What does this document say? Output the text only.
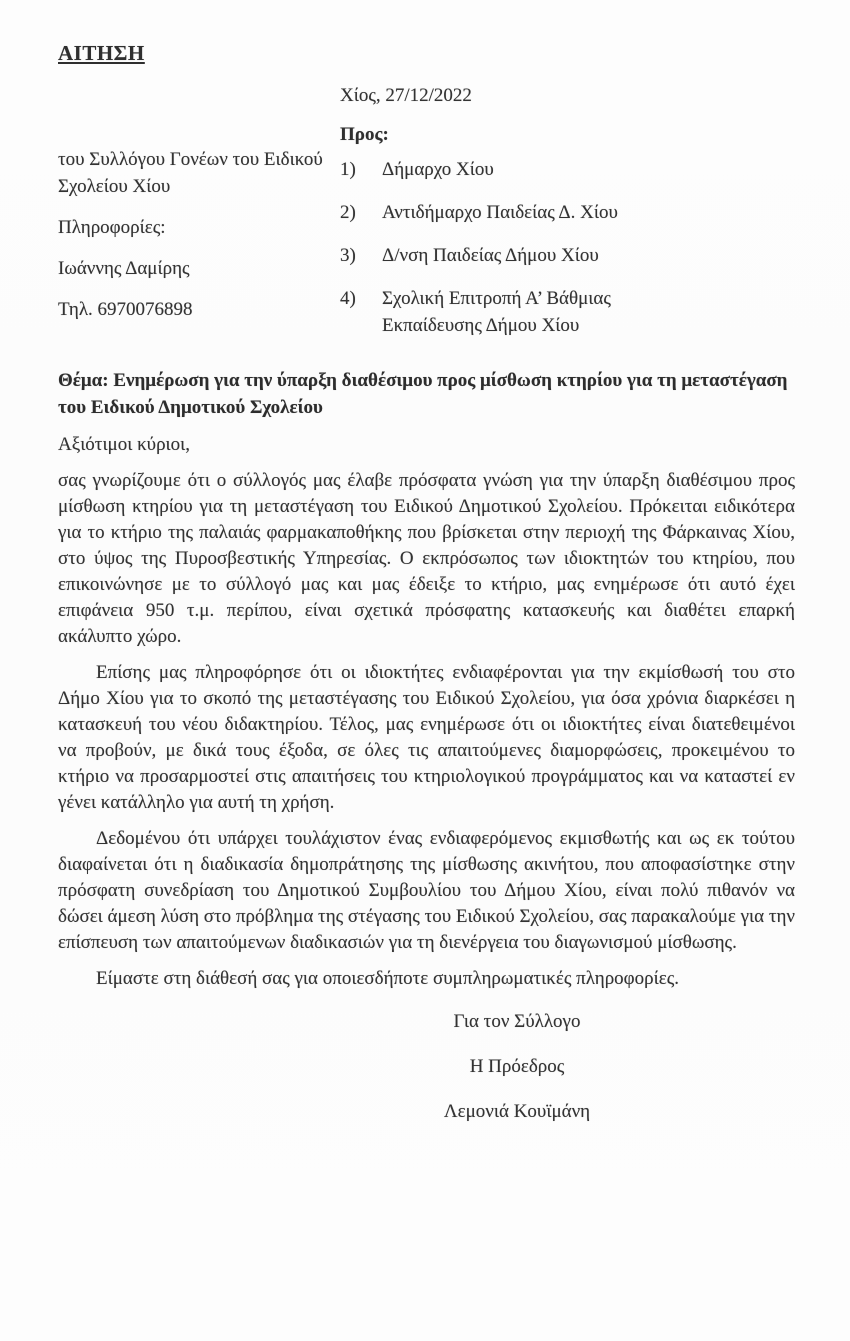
ΑΙΤΗΣΗ

του Συλλόγου Γονέων του Ειδικού Σχολείου Χίου

Πληροφορίες:

Ιωάννης Δαμίρης

Τηλ. 6970076898

Χίος, 27/12/2022

Προς:

1)	Δήμαρχο Χίου
2)	Αντιδήμαρχο Παιδείας Δ. Χίου
3)	Δ/νση Παιδείας Δήμου Χίου
4)	Σχολική Επιτροπή Α’ Βάθμιας Εκπαίδευσης Δήμου Χίου

Θέμα: Ενημέρωση για την ύπαρξη διαθέσιμου προς μίσθωση κτηρίου για τη μεταστέγαση του Ειδικού Δημοτικού Σχολείου

Αξιότιμοι κύριοι,

σας γνωρίζουμε ότι ο σύλλογός μας έλαβε πρόσφατα γνώση για την ύπαρξη διαθέσιμου προς μίσθωση κτηρίου για τη μεταστέγαση του Ειδικού Δημοτικού Σχολείου. Πρόκειται ειδικότερα για το κτήριο της παλαιάς φαρμακαποθήκης που βρίσκεται στην περιοχή της Φάρκαινας Χίου, στο ύψος της Πυροσβεστικής Υπηρεσίας. Ο εκπρόσωπος των ιδιοκτητών του κτηρίου, που επικοινώνησε με το σύλλογό μας και μας έδειξε το κτήριο, μας ενημέρωσε ότι αυτό έχει επιφάνεια 950 τ.μ. περίπου, είναι σχετικά πρόσφατης κατασκευής και διαθέτει επαρκή ακάλυπτο χώρο.

Επίσης μας πληροφόρησε ότι οι ιδιοκτήτες ενδιαφέρονται για την εκμίσθωσή του στο Δήμο Χίου για το σκοπό της μεταστέγασης του Ειδικού Σχολείου, για όσα χρόνια διαρκέσει η κατασκευή του νέου διδακτηρίου. Τέλος, μας ενημέρωσε ότι οι ιδιοκτήτες είναι διατεθειμένοι να προβούν, με δικά τους έξοδα, σε όλες τις απαιτούμενες διαμορφώσεις, προκειμένου το κτήριο να προσαρμοστεί στις απαιτήσεις του κτηριολογικού προγράμματος και να καταστεί εν γένει κατάλληλο για αυτή τη χρήση.

Δεδομένου ότι υπάρχει τουλάχιστον ένας ενδιαφερόμενος εκμισθωτής και ως εκ τούτου διαφαίνεται ότι η διαδικασία δημοπράτησης της μίσθωσης ακινήτου, που αποφασίστηκε στην πρόσφατη συνεδρίαση του Δημοτικού Συμβουλίου του Δήμου Χίου, είναι πολύ πιθανόν να δώσει άμεση λύση στο πρόβλημα της στέγασης του Ειδικού Σχολείου, σας παρακαλούμε για την επίσπευση των απαιτούμενων διαδικασιών για τη διενέργεια του διαγωνισμού μίσθωσης.

Είμαστε στη διάθεσή σας για οποιεσδήποτε συμπληρωματικές πληροφορίες.

Για τον Σύλλογο

Η Πρόεδρος

Λεμονιά Κουϊμάνη
